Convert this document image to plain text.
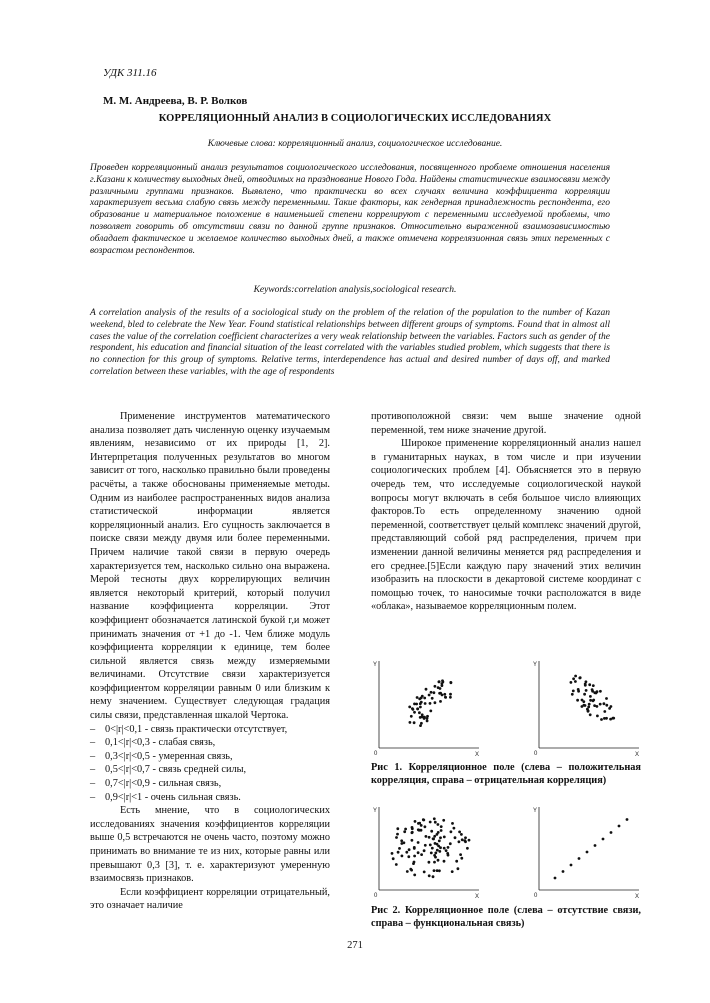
УДК 311.16
М. М. Андреева, В. Р. Волков
КОРРЕЛЯЦИОННЫЙ АНАЛИЗ В СОЦИОЛОГИЧЕСКИХ ИССЛЕДОВАНИЯХ
Ключевые слова: корреляционный анализ, социологическое исследование.
Проведен корреляционный анализ результатов социологического исследования, посвященного проблеме отношения населения г.Казани к количеству выходных дней, отводимых на празднование Нового Года. Найдены статистические взаимосвязи между различными группами признаков. Выявлено, что практически во всех случаях величина коэффициента корреляции характеризует весьма слабую связь между переменными. Такие факторы, как гендерная принадлежность респондента, его образование и материальное положение в наименьшей степени коррелируют с переменными исследуемой проблемы, что позволяет говорить об отсутствии связи по данной группе признаков. Относительно выраженной взаимозависимостью обладает фактическое и желаемое количество выходных дней, а также отмечена коррелязионная связь этих переменных с возрастом респондентов.
Keywords:correlation analysis,sociological research.
A correlation analysis of the results of a sociological study on the problem of the relation of the population to the number of Kazan weekend, bled to celebrate the New Year. Found statistical relationships between different groups of symptoms. Found that in almost all cases the value of the correlation coefficient characterizes a very weak relationship between the variables. Factors such as gender of the respondent, his education and financial situation of the least correlated with the variables studied problem, which suggests that there is no connection for this group of symptoms. Relative terms, interdependence has actual and desired number of days off, and marked correlation between these variables, with the age of respondents

Применение инструментов математического анализа позволяет дать численную оценку изучаемым явлениям, независимо от их природы [1, 2]. Интерпретация полученных результатов во многом зависит от того, насколько правильно были проведены расчёты, а также обоснованы применяемые методы. Одним из наиболее распространенных видов анализа статистической информации является корреляционный анализ. Его сущность заключается в поиске связи между двумя или более переменными. Причем наличие такой связи в первую очередь характеризуется тем, насколько сильно она выражена. Мерой тесноты двух коррелирующих величин является некоторый критерий, который получил название коэффициента корреляции. Этот коэффициент обозначается латинской букой r,и может принимать значения от +1 до -1. Чем ближе модуль коэффициента корреляции к единице, тем более сильной является связь между измеряемыми величинами. Отсутствие связи характеризуется коэффициентом корреляции равным 0 или близким к нему значением. Существует следующая градация силы связи, представленная шкалой Чертока.

– 0<|r|<0,1 - связь практически отсутствует,
– 0,1<|r|<0,3 - слабая связь,
– 0,3<|r|<0,5 - умеренная связь,
– 0,5<|r|<0,7 - связь средней силы,
– 0,7<|r|<0,9 - сильная связь,
– 0,9<|r|<1 - очень сильная связь.

Есть мнение, что в социологических исследованиях значения коэффициентов корреляции выше 0,5 встречаются не очень часто, поэтому можно принимать во внимание те из них, которые равны или превышают 0,3 [3], т. е. характеризуют умеренную взаимосвязь признаков.

Если коэффициент корреляции отрицательный, это означает наличие

противоположной связи: чем выше значение одной переменной, тем ниже значение другой.

Широкое применение корреляционный анализ нашел в гуманитарных науках, в том числе и при изучении социологических проблем [4]. Объясняется это в первую очередь тем, что исследуемые социологической наукой вопросы могут включать в себя большое число влияющих факторов.То есть определенному значению одной переменной, соответствует целый комплекс значений другой, представляющий собой ряд распределения, причем при изменении данной величины меняется ряд распределения и его среднее.[5]Если каждую пару значений этих величин изобразить на плоскости в декартовой системе координат с помощью точек, то наносимые точки расположатся в виде «облака», называемое корреляционным полем.

Y
X
0
Y
X
0
Рис 1. Корреляционное поле (слева – положительная корреляция, справа – отрицательная корреляция)
Y
X
0
Y
X
0
Рис 2. Корреляционное поле (слева – отсутствие связи, справа – функциональная связь)
271
